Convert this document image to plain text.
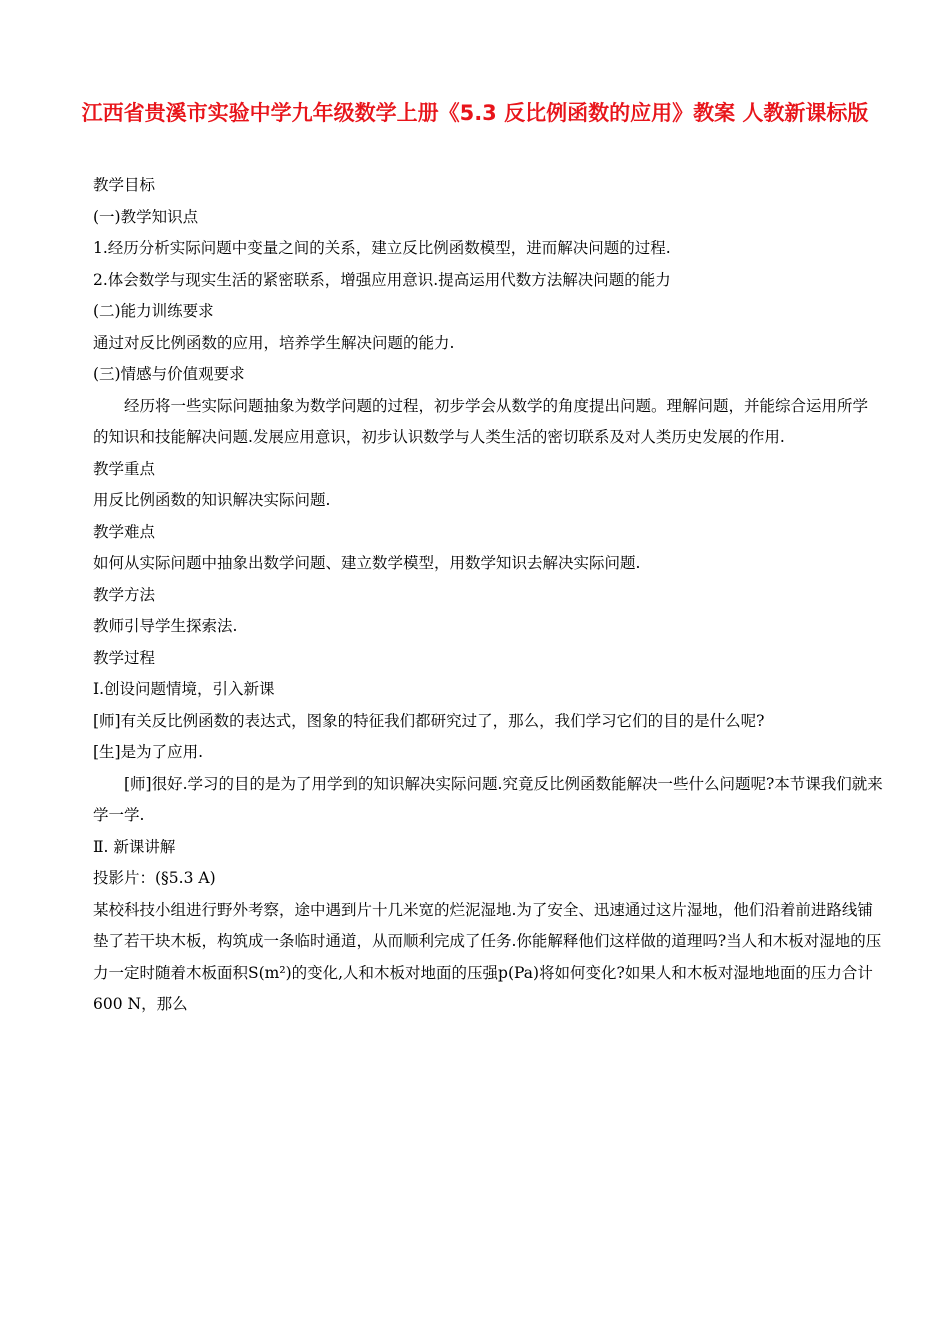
江西省贵溪市实验中学九年级数学上册《5.3 反比例函数的应用》教案 人教新课标版

教学目标

(一)教学知识点

1.经历分析实际问题中变量之间的关系，建立反比例函数模型，进而解决问题的过程.

2.体会数学与现实生活的紧密联系，增强应用意识.提高运用代数方法解决问题的能力

(二)能力训练要求

通过对反比例函数的应用，培养学生解决问题的能力.

(三)情感与价值观要求

经历将一些实际问题抽象为数学问题的过程，初步学会从数学的角度提出问题。理解问题，并能综合运用所学的知识和技能解决问题.发展应用意识，初步认识数学与人类生活的密切联系及对人类历史发展的作用.

教学重点

用反比例函数的知识解决实际问题.

教学难点

如何从实际问题中抽象出数学问题、建立数学模型，用数学知识去解决实际问题.

教学方法

教师引导学生探索法.

教学过程

Ⅰ.创设问题情境，引入新课

[师]有关反比例函数的表达式，图象的特征我们都研究过了，那么，我们学习它们的目的是什么呢?

[生]是为了应用.

[师]很好.学习的目的是为了用学到的知识解决实际问题.究竟反比例函数能解决一些什么问题呢?本节课我们就来学一学.

Ⅱ. 新课讲解

投影片：(§5.3 A)

某校科技小组进行野外考察，途中遇到片十几米宽的烂泥湿地.为了安全、迅速通过这片湿地，他们沿着前进路线铺垫了若干块木板，构筑成一条临时通道，从而顺利完成了任务.你能解释他们这样做的道理吗?当人和木板对湿地的压力一定时随着木板面积S(m²)的变化,人和木板对地面的压强p(Pa)将如何变化?如果人和木板对湿地地面的压力合计600 N，那么
